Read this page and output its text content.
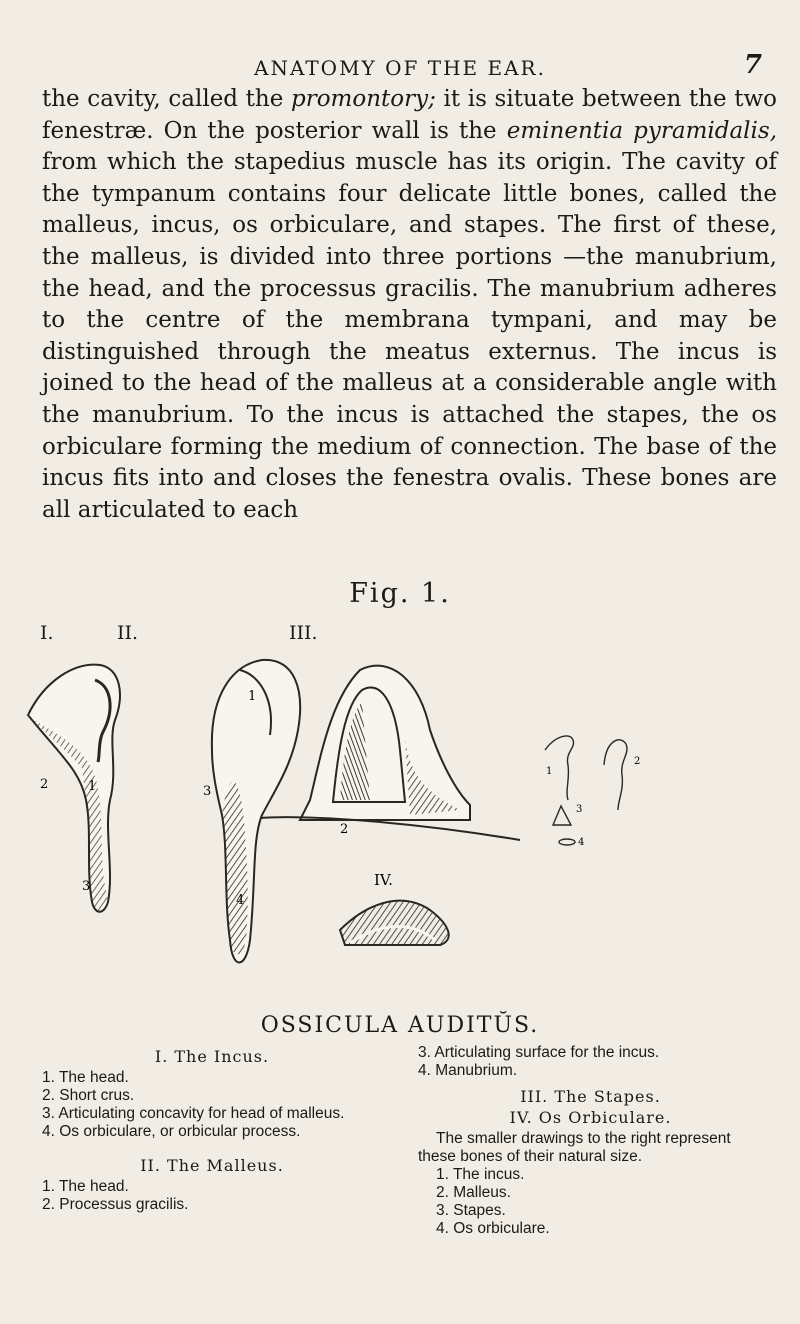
ANATOMY OF THE EAR.	7

the cavity, called the promontory; it is situate between the two fenestræ. On the posterior wall is the eminentia pyramidalis, from which the stapedius muscle has its origin. The cavity of the tympanum contains four delicate little bones, called the malleus, incus, os orbiculare, and stapes. The first of these, the malleus, is divided into three portions —the manubrium, the head, and the processus gracilis. The manubrium adheres to the centre of the membrana tympani, and may be distinguished through the meatus externus. The incus is joined to the head of the malleus at a considerable angle with the manubrium. To the incus is attached the stapes, the os orbiculare forming the medium of connection. The base of the incus fits into and closes the fenestra ovalis. These bones are all articulated to each

Fig. 1.
I.	II.	III.
2	1
3
3
1
4
2
IV.
1
2
3
4
OSSICULA AUDITŬS.
I. The Incus.
1. The head.
2. Short crus.
3. Articulating concavity for head of malleus.
4. Os orbiculare, or orbicular process.
II. The Malleus.
1. The head.
2. Processus gracilis.
3. Articulating surface for the incus.
4. Manubrium.
III. The Stapes.
IV. Os Orbiculare.
The smaller drawings to the right represent these bones of their natural size.
1. The incus.
2. Malleus.
3. Stapes.
4. Os orbiculare.
